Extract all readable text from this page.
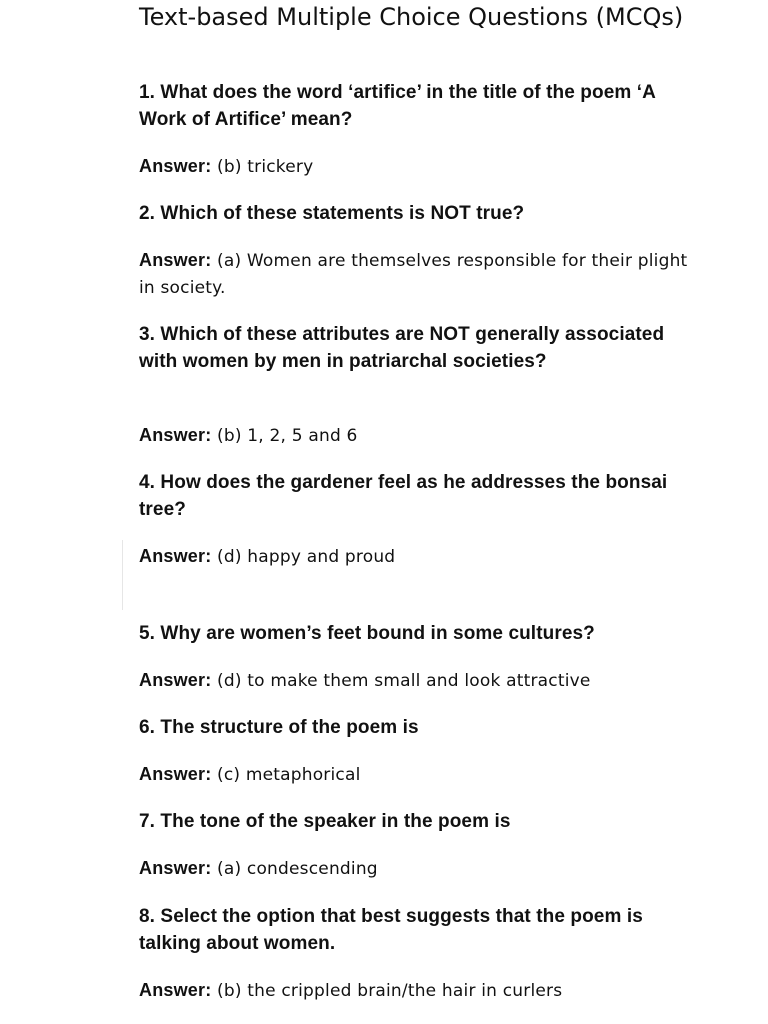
Text-based Multiple Choice Questions (MCQs)

1. What does the word ‘artifice’ in the title of the poem ‘A Work of Artifice’ mean?

Answer: (b) trickery

2. Which of these statements is NOT true?

Answer: (a) Women are themselves responsible for their plight in society.

3. Which of these attributes are NOT generally associated with women by men in patriarchal societies?

Answer: (b) 1, 2, 5 and 6

4. How does the gardener feel as he addresses the bonsai tree?

Answer: (d) happy and proud

5. Why are women’s feet bound in some cultures?

Answer: (d) to make them small and look attractive

6. The structure of the poem is

Answer: (c) metaphorical

7. The tone of the speaker in the poem is

Answer: (a) condescending

8. Select the option that best suggests that the poem is talking about women.

Answer: (b) the crippled brain/the hair in curlers
